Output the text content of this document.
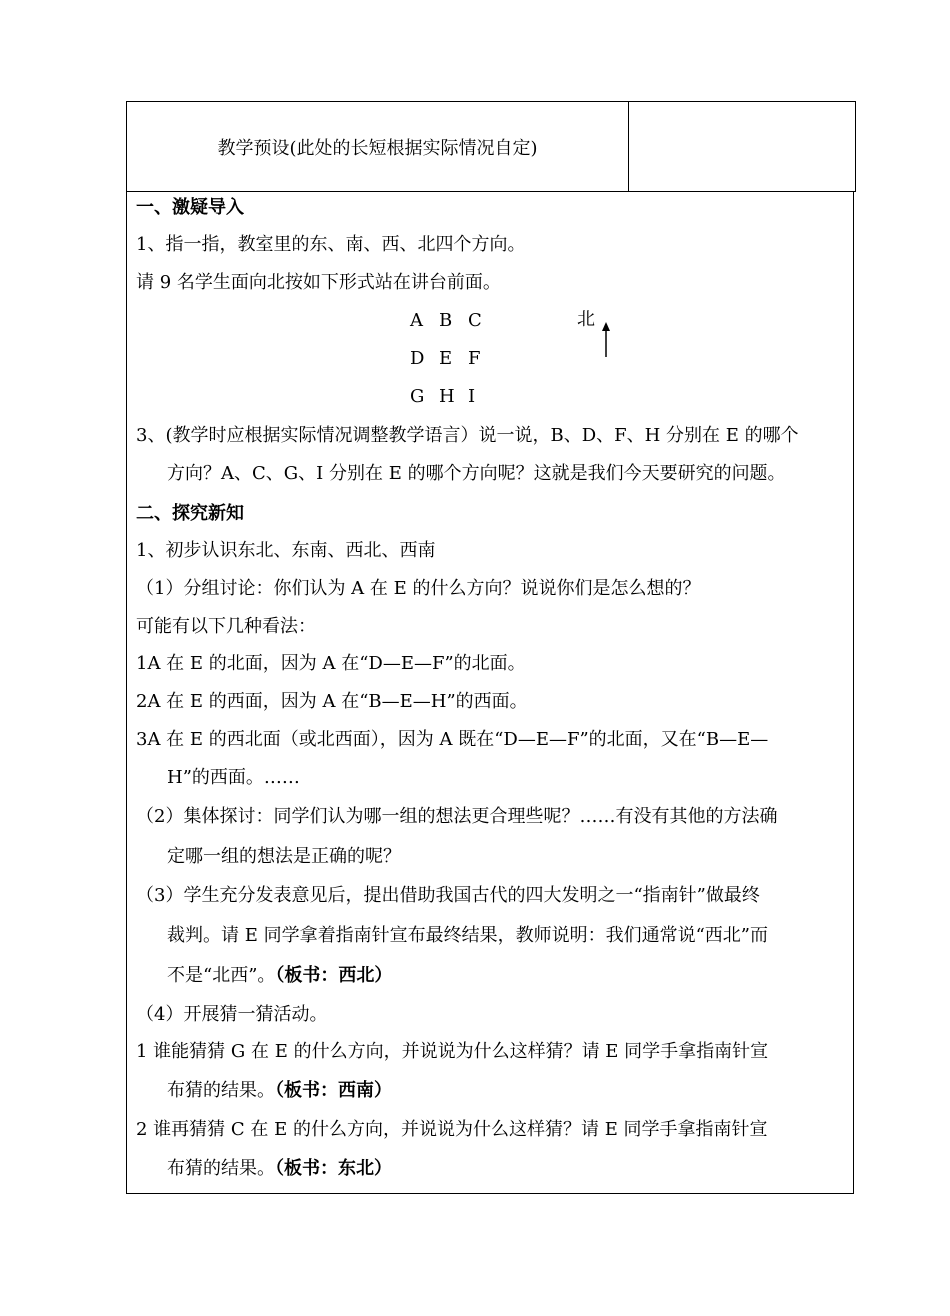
教学预设(此处的长短根据实际情况自定)
一、激疑导入
1、指一指，教室里的东、南、西、北四个方向。
请 9 名学生面向北按如下形式站在讲台前面。
A B C
D E F
G H I
北
3、(教学时应根据实际情况调整教学语言）说一说，B、D、F、H 分别在 E 的哪个
方向？A、C、G、I 分别在 E 的哪个方向呢？这就是我们今天要研究的问题。
二、探究新知
1、初步认识东北、东南、西北、西南
（1）分组讨论：你们认为 A 在 E 的什么方向？说说你们是怎么想的？
可能有以下几种看法：
1A 在 E 的北面，因为 A 在“D—E—F”的北面。
2A 在 E 的西面，因为 A 在“B—E—H”的西面。
3A 在 E 的西北面（或北西面），因为 A 既在“D—E—F”的北面，又在“B—E—
H”的西面。……
（2）集体探讨：同学们认为哪一组的想法更合理些呢？……有没有其他的方法确
定哪一组的想法是正确的呢？
（3）学生充分发表意见后，提出借助我国古代的四大发明之一“指南针”做最终
裁判。请 E 同学拿着指南针宣布最终结果，教师说明：我们通常说“西北”而
不是“北西”。（板书：西北）
（4）开展猜一猜活动。
1 谁能猜猜 G 在 E 的什么方向，并说说为什么这样猜？请 E 同学手拿指南针宣
布猜的结果。（板书：西南）
2 谁再猜猜 C 在 E 的什么方向，并说说为什么这样猜？请 E 同学手拿指南针宣
布猜的结果。（板书：东北）
